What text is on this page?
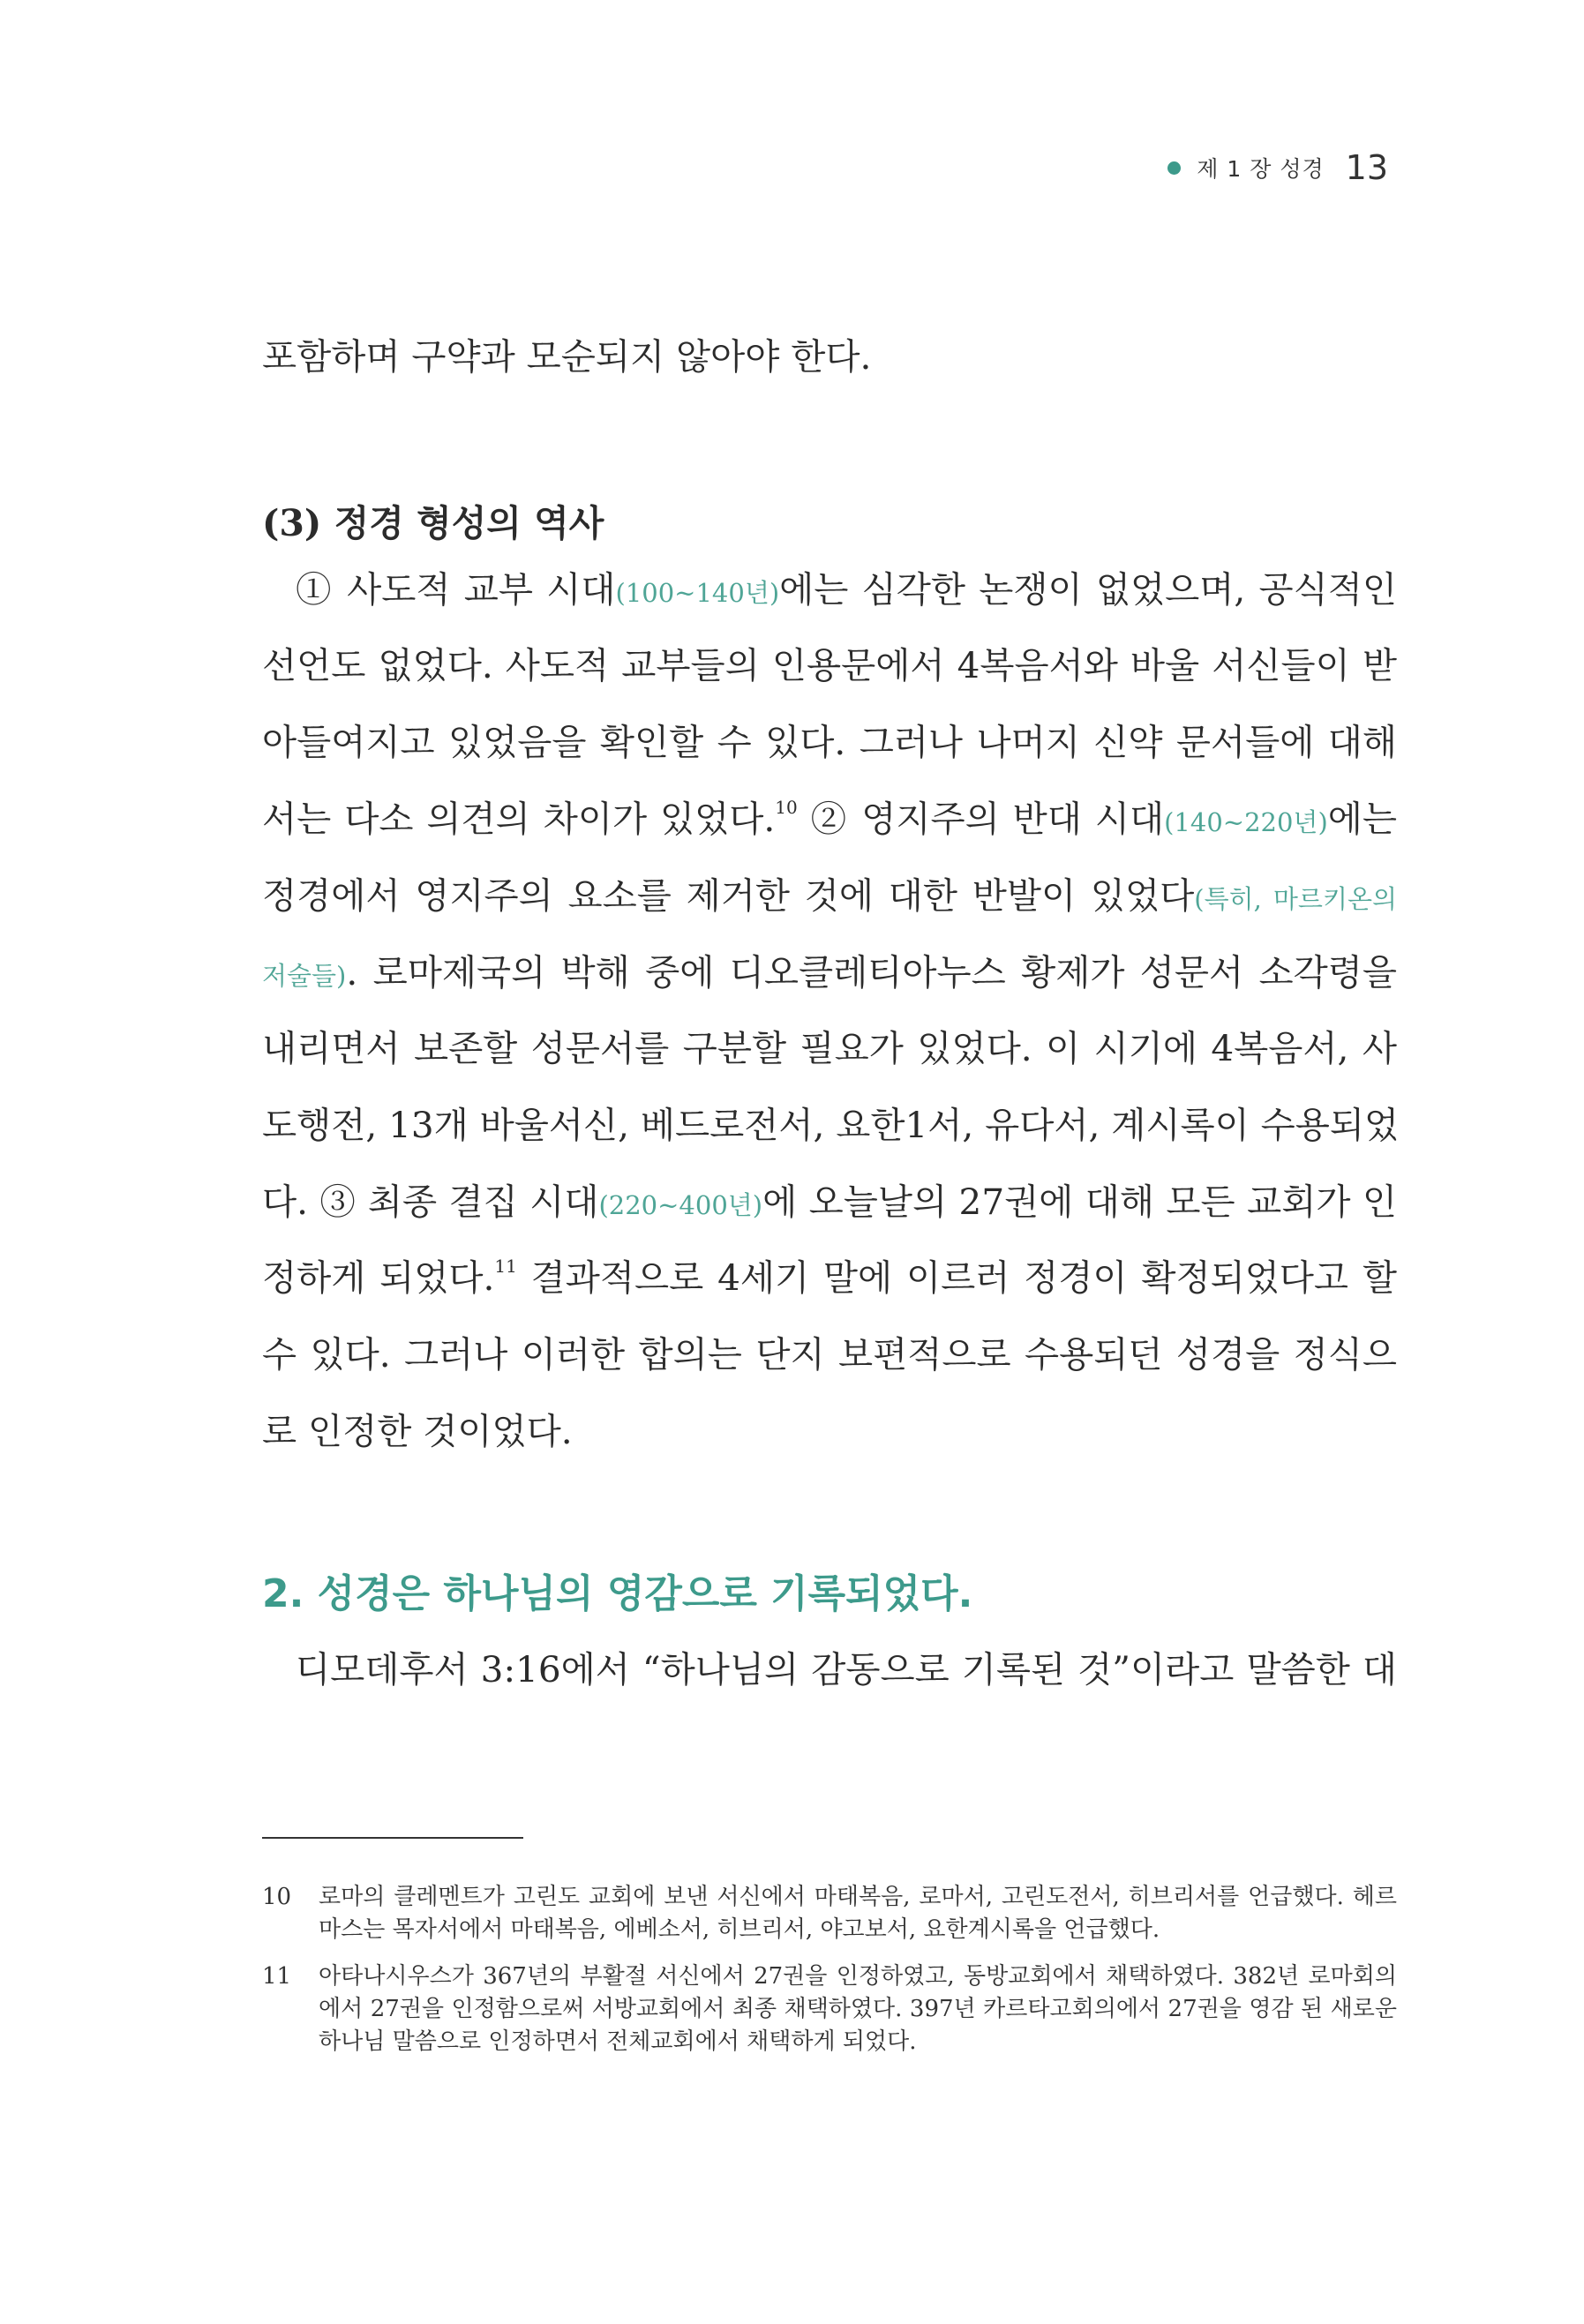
제 1 장 성경 13
포함하며 구약과 모순되지 않아야 한다.
(3) 정경 형성의 역사
① 사도적 교부 시대(100~140년)에는 심각한 논쟁이 없었으며, 공식적인
선언도 없었다. 사도적 교부들의 인용문에서 4복음서와 바울 서신들이 받
아들여지고 있었음을 확인할 수 있다. 그러나 나머지 신약 문서들에 대해
서는 다소 의견의 차이가 있었다.$^{10}$ ② 영지주의 반대 시대(140~220년)에는
정경에서 영지주의 요소를 제거한 것에 대한 반발이 있었다(특히, 마르키온의
저술들). 로마제국의 박해 중에 디오클레티아누스 황제가 성문서 소각령을
내리면서 보존할 성문서를 구분할 필요가 있었다. 이 시기에 4복음서, 사
도행전, 13개 바울서신, 베드로전서, 요한1서, 유다서, 계시록이 수용되었
다. ③ 최종 결집 시대(220~400년)에 오늘날의 27권에 대해 모든 교회가 인
정하게 되었다.$^{11}$ 결과적으로 4세기 말에 이르러 정경이 확정되었다고 할
수 있다. 그러나 이러한 합의는 단지 보편적으로 수용되던 성경을 정식으
로 인정한 것이었다.
2. 성경은 하나님의 영감으로 기록되었다.
디모데후서 3:16에서 “하나님의 감동으로 기록된 것”이라고 말씀한 대
10 로마의 클레멘트가 고린도 교회에 보낸 서신에서 마태복음, 로마서, 고린도전서, 히브리서를 언급했다. 헤르마스는 목자서에서 마태복음, 에베소서, 히브리서, 야고보서, 요한계시록을 언급했다.
11 아타나시우스가 367년의 부활절 서신에서 27권을 인정하였고, 동방교회에서 채택하였다. 382년 로마회의에서 27권을 인정함으로써 서방교회에서 최종 채택하였다. 397년 카르타고회의에서 27권을 영감 된 새로운 하나님 말씀으로 인정하면서 전체교회에서 채택하게 되었다.
